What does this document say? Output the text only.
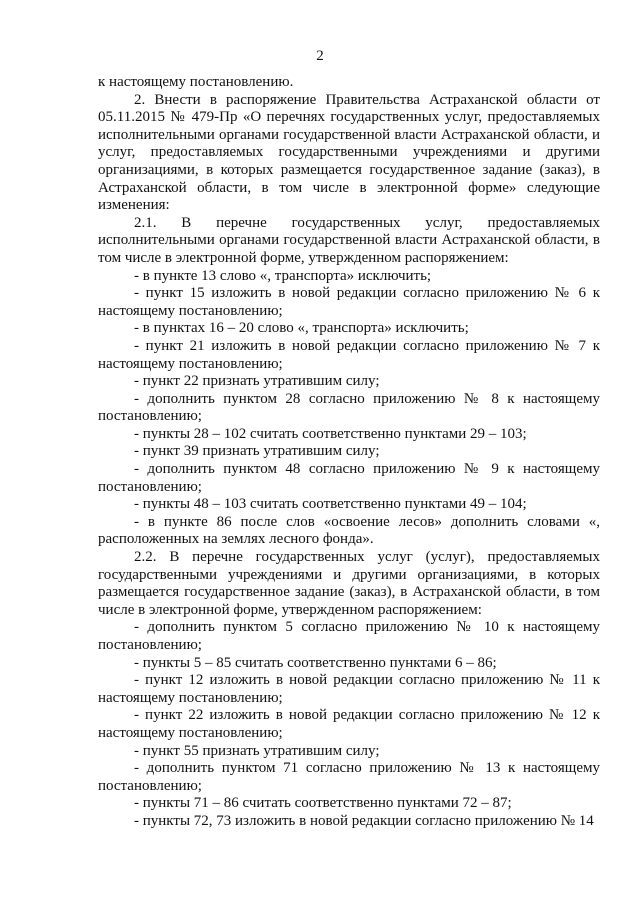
2

к настоящему постановлению.

2. Внести в распоряжение Правительства Астраханской области от 05.11.2015 № 479-Пр «О перечнях государственных услуг, предоставляемых исполнительными органами государственной власти Астраханской области, и услуг, предоставляемых государственными учреждениями и другими организациями, в которых размещается государственное задание (заказ), в Астраханской области, в том числе в электронной форме» следующие изменения:

2.1. В перечне государственных услуг, предоставляемых исполнительными органами государственной власти Астраханской области, в том числе в электронной форме, утвержденном распоряжением:

- в пункте 13 слово «, транспорта» исключить;

- пункт 15 изложить в новой редакции согласно приложению № 6 к настоящему постановлению;

- в пунктах 16 – 20 слово «, транспорта» исключить;

- пункт 21 изложить в новой редакции согласно приложению № 7 к настоящему постановлению;

- пункт 22 признать утратившим силу;

- дополнить пунктом 28 согласно приложению № 8 к настоящему постановлению;

- пункты 28 – 102 считать соответственно пунктами 29 – 103;

- пункт 39 признать утратившим силу;

- дополнить пунктом 48 согласно приложению № 9 к настоящему постановлению;

- пункты 48 – 103 считать соответственно пунктами 49 – 104;

- в пункте 86 после слов «освоение лесов» дополнить словами «, расположенных на землях лесного фонда».

2.2. В перечне государственных услуг (услуг), предоставляемых государственными учреждениями и другими организациями, в которых размещается государственное задание (заказ), в Астраханской области, в том числе в электронной форме, утвержденном распоряжением:

- дополнить пунктом 5 согласно приложению № 10 к настоящему постановлению;

- пункты 5 – 85 считать соответственно пунктами 6 – 86;

- пункт 12 изложить в новой редакции согласно приложению № 11 к настоящему постановлению;

- пункт 22 изложить в новой редакции согласно приложению № 12 к настоящему постановлению;

- пункт 55 признать утратившим силу;

- дополнить пунктом 71 согласно приложению № 13 к настоящему постановлению;

- пункты 71 – 86 считать соответственно пунктами 72 – 87;

- пункты 72, 73 изложить в новой редакции согласно приложению № 14
